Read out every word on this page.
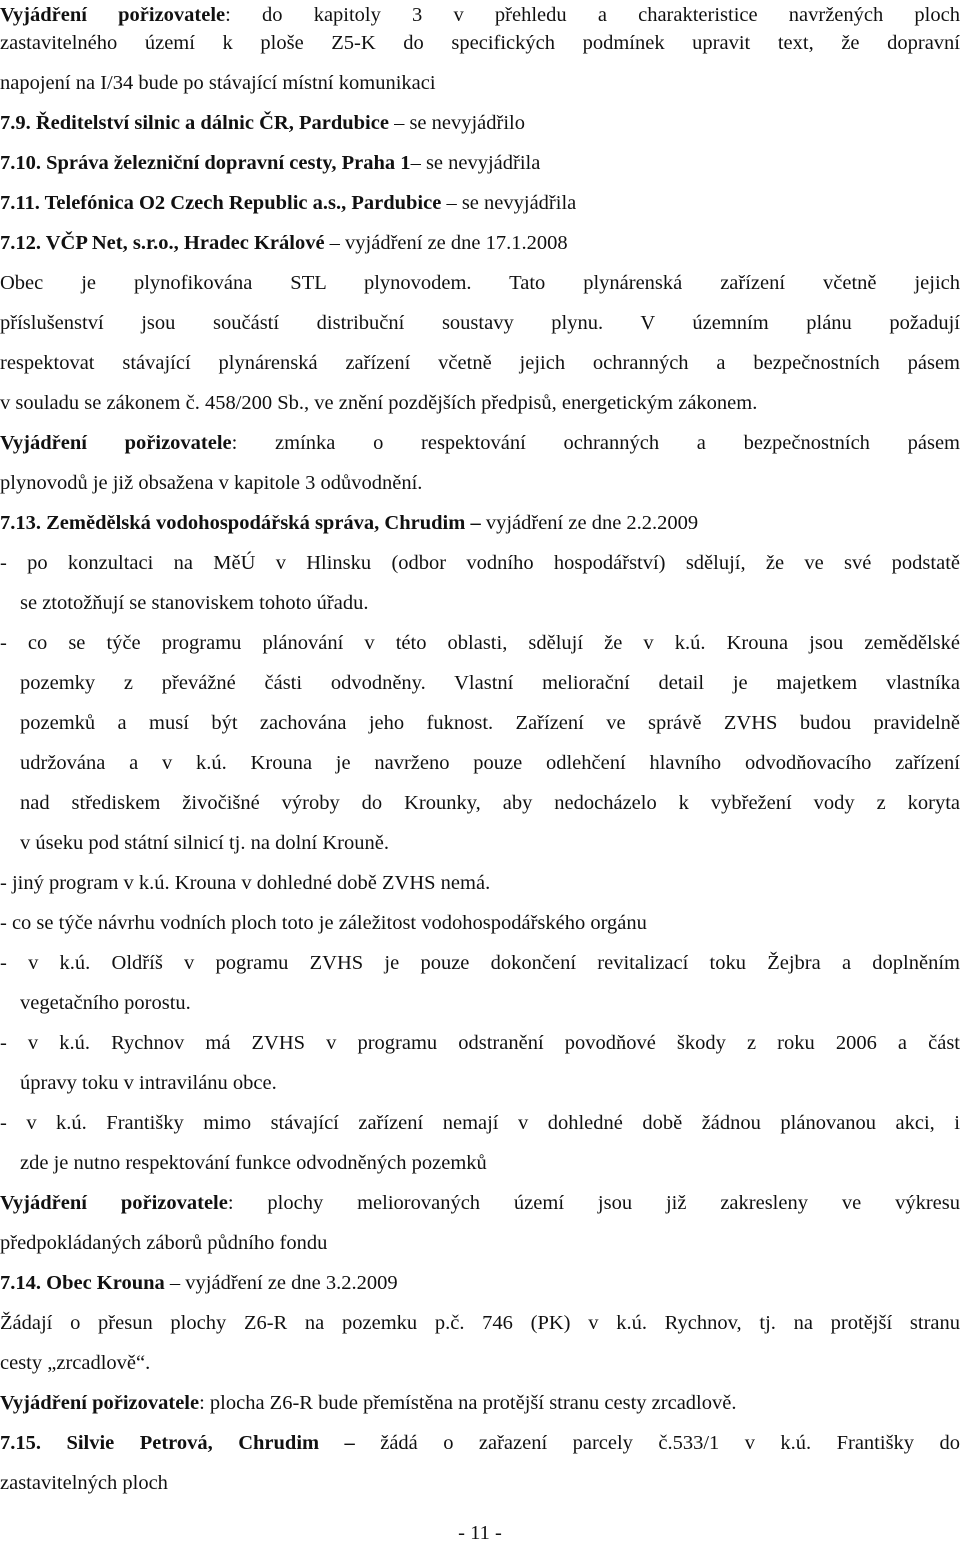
Vyjádření pořizovatele: do kapitoly 3 v přehledu a charakteristice navržených ploch
zastavitelného území k ploše Z5-K do specifických podmínek upravit text, že dopravní
napojení na I/34 bude po stávající místní komunikaci
7.9. Ředitelství silnic a dálnic ČR, Pardubice – se nevyjádřilo
7.10. Správa železniční dopravní cesty, Praha 1– se nevyjádřila
7.11. Telefónica O2 Czech Republic a.s., Pardubice – se nevyjádřila
7.12. VČP Net, s.r.o., Hradec Králové – vyjádření ze dne 17.1.2008
Obec je plynofikována STL plynovodem. Tato plynárenská zařízení včetně jejich
příslušenství jsou součástí distribuční soustavy plynu. V územním plánu požadují
respektovat stávající plynárenská zařízení včetně jejich ochranných a bezpečnostních pásem
v souladu se zákonem č. 458/200 Sb., ve znění pozdějších předpisů, energetickým zákonem.
Vyjádření pořizovatele: zmínka o respektování ochranných a bezpečnostních pásem
plynovodů je již obsažena v kapitole 3 odůvodnění.
7.13. Zemědělská vodohospodářská správa, Chrudim – vyjádření ze dne 2.2.2009
- po konzultaci na MěÚ v Hlinsku (odbor vodního hospodářství) sdělují, že ve své podstatě
se ztotožňují se stanoviskem tohoto úřadu.
- co se týče programu plánování v této oblasti, sdělují že v k.ú. Krouna jsou zemědělské
pozemky z převážné části odvodněny. Vlastní meliorační detail je majetkem vlastníka
pozemků a musí být zachována jeho fuknost. Zařízení ve správě ZVHS budou pravidelně
udržována a v k.ú. Krouna je navrženo pouze odlehčení hlavního odvodňovacího zařízení
nad střediskem živočišné výroby do Krounky, aby nedocházelo k vybřežení vody z koryta
v úseku pod státní silnicí tj. na dolní Krouně.
- jiný program v k.ú. Krouna v dohledné době ZVHS nemá.
- co se týče návrhu vodních ploch toto je záležitost vodohospodářského orgánu
- v k.ú. Oldříš v pogramu ZVHS je pouze dokončení revitalizací toku Žejbra a doplněním
vegetačního porostu.
- v k.ú. Rychnov má ZVHS v programu odstranění povodňové škody z roku 2006 a část
úpravy toku v intravilánu obce.
- v k.ú. Františky mimo stávající zařízení nemají v dohledné době žádnou plánovanou akci, i
zde je nutno respektování funkce odvodněných pozemků
Vyjádření pořizovatele: plochy meliorovaných území jsou již zakresleny ve výkresu
předpokládaných záborů půdního fondu
7.14. Obec Krouna – vyjádření ze dne 3.2.2009
Žádají o přesun plochy Z6-R na pozemku p.č. 746 (PK) v k.ú. Rychnov, tj. na protější stranu
cesty „zrcadlově“.
Vyjádření pořizovatele: plocha Z6-R bude přemístěna na protější stranu cesty zrcadlově.
7.15. Silvie Petrová, Chrudim – žádá o zařazení parcely č.533/1 v k.ú. Františky do
zastavitelných ploch
- 11 -
